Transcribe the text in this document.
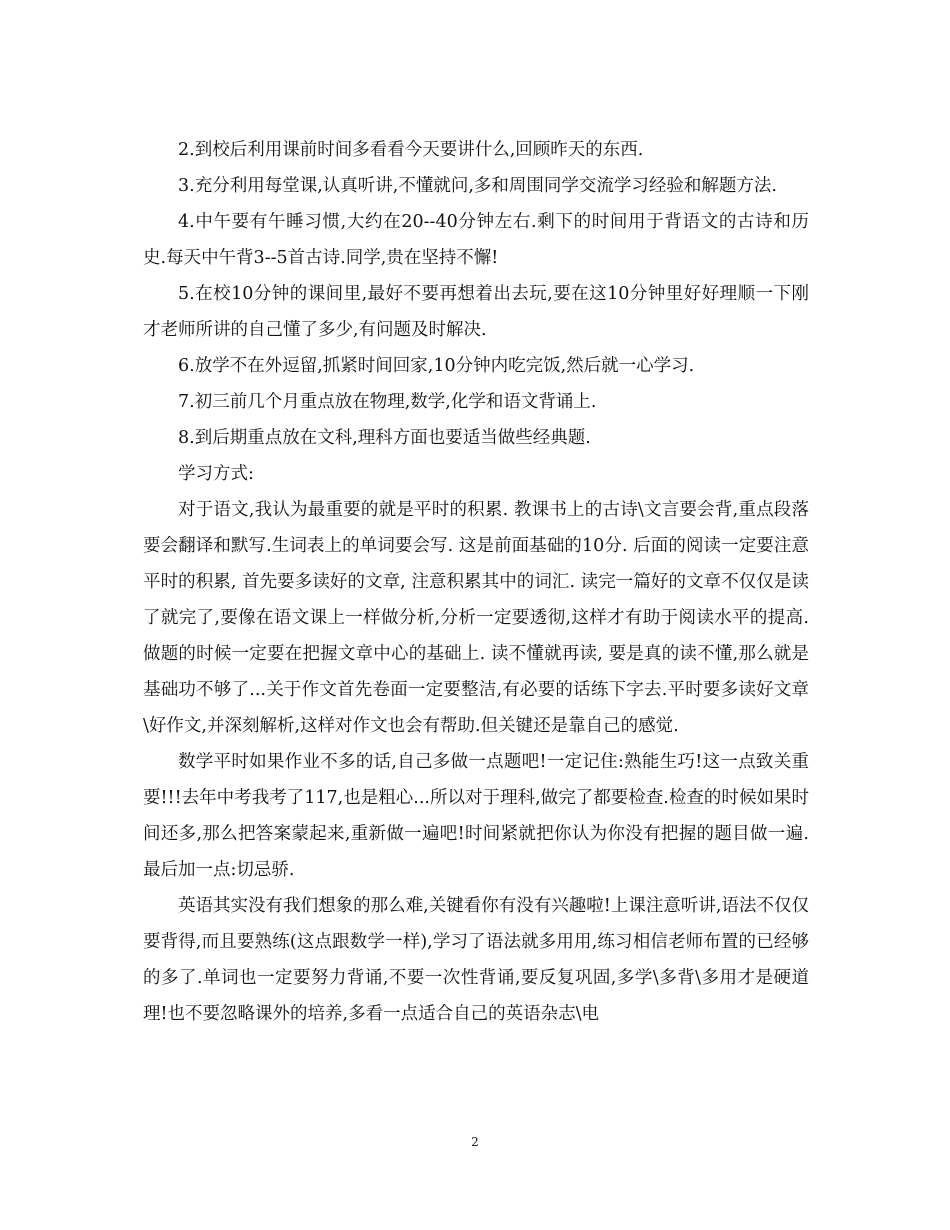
2.到校后利用课前时间多看看今天要讲什么,回顾昨天的东西.

3.充分利用每堂课,认真听讲,不懂就问,多和周围同学交流学习经验和解题方法.

4.中午要有午睡习惯,大约在20--40分钟左右.剩下的时间用于背语文的古诗和历史.每天中午背3--5首古诗.同学,贵在坚持不懈!

5.在校10分钟的课间里,最好不要再想着出去玩,要在这10分钟里好好理顺一下刚才老师所讲的自己懂了多少,有问题及时解决.

6.放学不在外逗留,抓紧时间回家,10分钟内吃完饭,然后就一心学习.

7.初三前几个月重点放在物理,数学,化学和语文背诵上.

8.到后期重点放在文科,理科方面也要适当做些经典题.

学习方式:

对于语文,我认为最重要的就是平时的积累. 教课书上的古诗\文言要会背,重点段落要会翻译和默写.生词表上的单词要会写. 这是前面基础的10分. 后面的阅读一定要注意平时的积累, 首先要多读好的文章, 注意积累其中的词汇. 读完一篇好的文章不仅仅是读了就完了,要像在语文课上一样做分析,分析一定要透彻,这样才有助于阅读水平的提高. 做题的时候一定要在把握文章中心的基础上. 读不懂就再读, 要是真的读不懂,那么就是基础功不够了...关于作文首先卷面一定要整洁,有必要的话练下字去.平时要多读好文章\好作文,并深刻解析,这样对作文也会有帮助.但关键还是靠自己的感觉.

数学平时如果作业不多的话,自己多做一点题吧!一定记住:熟能生巧!这一点致关重要!!!去年中考我考了117,也是粗心...所以对于理科,做完了都要检查.检查的时候如果时间还多,那么把答案蒙起来,重新做一遍吧!时间紧就把你认为你没有把握的题目做一遍.最后加一点:切忌骄.

英语其实没有我们想象的那么难,关键看你有没有兴趣啦!上课注意听讲,语法不仅仅要背得,而且要熟练(这点跟数学一样),学习了语法就多用用,练习相信老师布置的已经够的多了.单词也一定要努力背诵,不要一次性背诵,要反复巩固,多学\多背\多用才是硬道理!也不要忽略课外的培养,多看一点适合自己的英语杂志\电

2
